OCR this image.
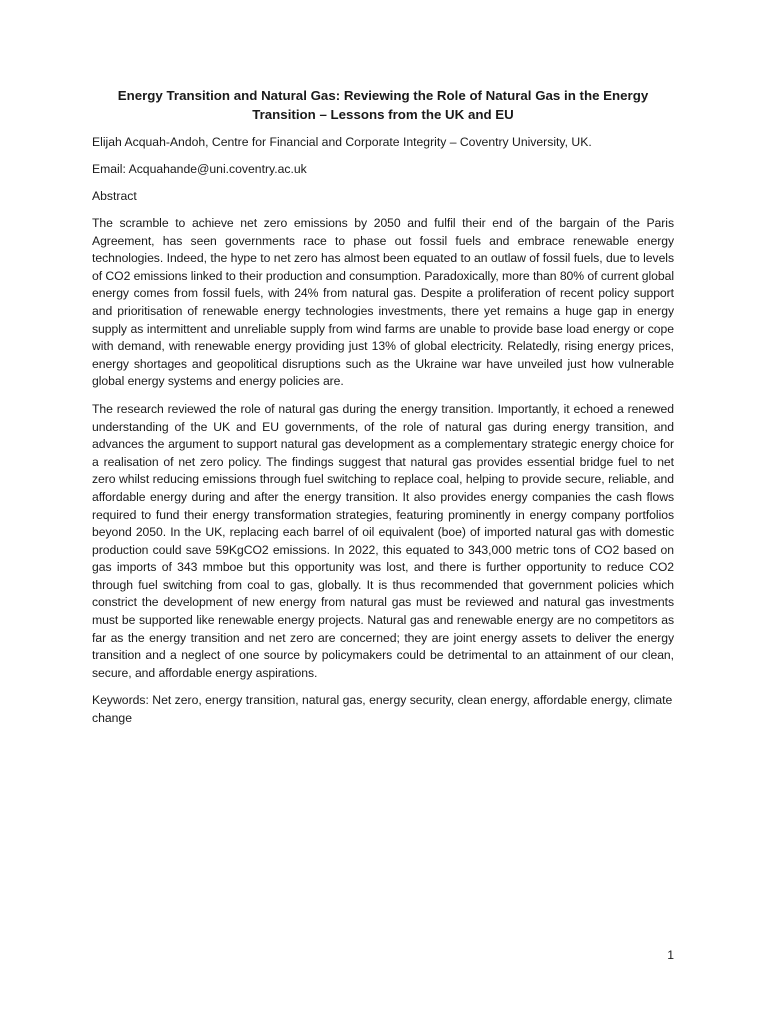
Energy Transition and Natural Gas: Reviewing the Role of Natural Gas in the Energy Transition – Lessons from the UK and EU

Elijah Acquah-Andoh, Centre for Financial and Corporate Integrity – Coventry University, UK.

Email: Acquahande@uni.coventry.ac.uk

Abstract

The scramble to achieve net zero emissions by 2050 and fulfil their end of the bargain of the Paris Agreement, has seen governments race to phase out fossil fuels and embrace renewable energy technologies. Indeed, the hype to net zero has almost been equated to an outlaw of fossil fuels, due to levels of CO2 emissions linked to their production and consumption. Paradoxically, more than 80% of current global energy comes from fossil fuels, with 24% from natural gas. Despite a proliferation of recent policy support and prioritisation of renewable energy technologies investments, there yet remains a huge gap in energy supply as intermittent and unreliable supply from wind farms are unable to provide base load energy or cope with demand, with renewable energy providing just 13% of global electricity. Relatedly, rising energy prices, energy shortages and geopolitical disruptions such as the Ukraine war have unveiled just how vulnerable global energy systems and energy policies are.

The research reviewed the role of natural gas during the energy transition. Importantly, it echoed a renewed understanding of the UK and EU governments, of the role of natural gas during energy transition, and advances the argument to support natural gas development as a complementary strategic energy choice for a realisation of net zero policy. The findings suggest that natural gas provides essential bridge fuel to net zero whilst reducing emissions through fuel switching to replace coal, helping to provide secure, reliable, and affordable energy during and after the energy transition. It also provides energy companies the cash flows required to fund their energy transformation strategies, featuring prominently in energy company portfolios beyond 2050. In the UK, replacing each barrel of oil equivalent (boe) of imported natural gas with domestic production could save 59KgCO2 emissions. In 2022, this equated to 343,000 metric tons of CO2 based on gas imports of 343 mmboe but this opportunity was lost, and there is further opportunity to reduce CO2 through fuel switching from coal to gas, globally. It is thus recommended that government policies which constrict the development of new energy from natural gas must be reviewed and natural gas investments must be supported like renewable energy projects. Natural gas and renewable energy are no competitors as far as the energy transition and net zero are concerned; they are joint energy assets to deliver the energy transition and a neglect of one source by policymakers could be detrimental to an attainment of our clean, secure, and affordable energy aspirations.

Keywords: Net zero, energy transition, natural gas, energy security, clean energy, affordable energy, climate change

1
